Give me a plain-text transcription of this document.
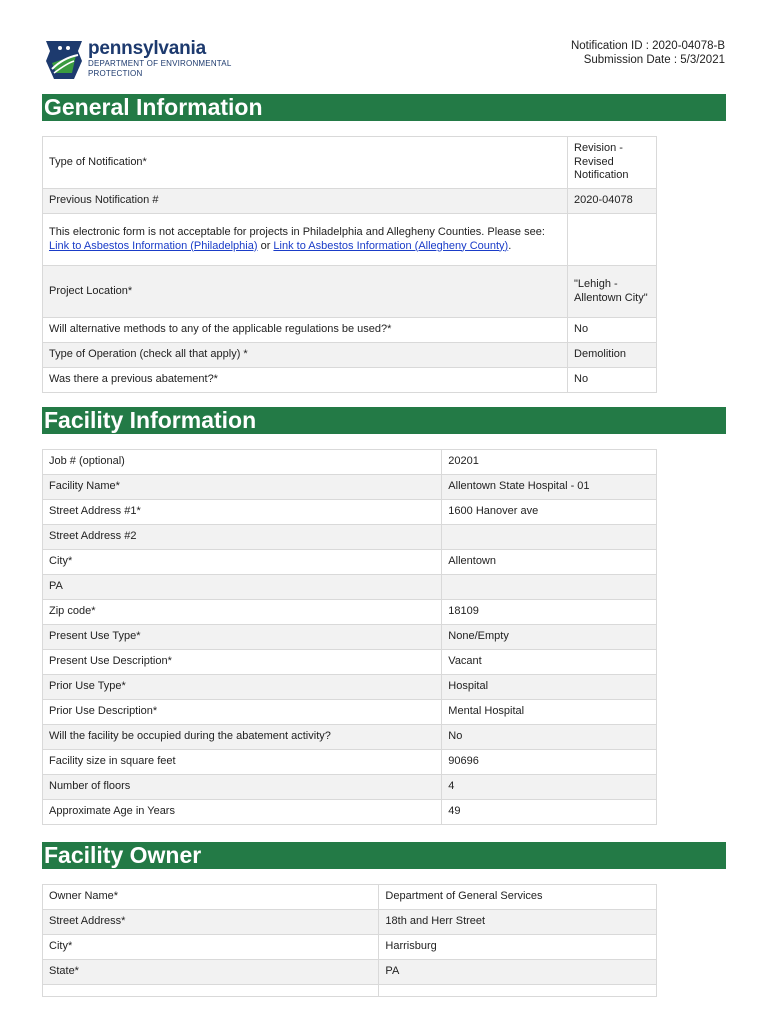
pennsylvania
DEPARTMENT OF ENVIRONMENTAL
PROTECTION
Notification ID : 2020-04078-B
Submission Date : 5/3/2021
General Information
Type of Notification*	Revision - Revised Notification
Previous Notification #	2020-04078
This electronic form is not acceptable for projects in Philadelphia and Allegheny Counties. Please see: Link to Asbestos Information (Philadelphia) or Link to Asbestos Information (Allegheny County).	
Project Location*	"Lehigh - Allentown City"
Will alternative methods to any of the applicable regulations be used?*	No
Type of Operation (check all that apply) *	Demolition
Was there a previous abatement?*	No
Facility Information
Job # (optional)	20201
Facility Name*	Allentown State Hospital - 01
Street Address #1*	1600 Hanover ave
Street Address #2	
City*	Allentown
PA	
Zip code*	18109
Present Use Type*	None/Empty
Present Use Description*	Vacant
Prior Use Type*	Hospital
Prior Use Description*	Mental Hospital
Will the facility be occupied during the abatement activity?	No
Facility size in square feet	90696
Number of floors	4
Approximate Age in Years	49
Facility Owner
Owner Name*	Department of General Services
Street Address*	18th and Herr Street
City*	Harrisburg
State*	PA
